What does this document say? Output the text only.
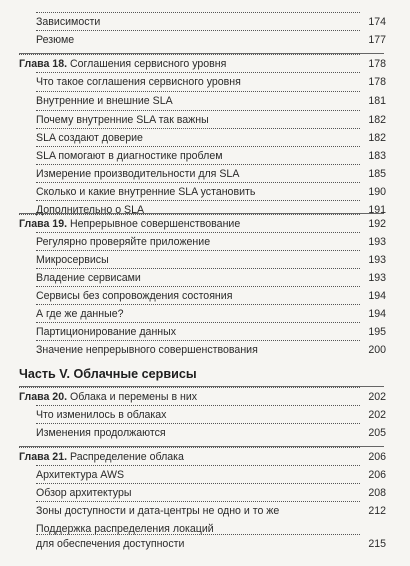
Зависимости	174
Резюме	177
Глава 18. Соглашения сервисного уровня	178
Что такое соглашения сервисного уровня	178
Внутренние и внешние SLA	181
Почему внутренние SLA так важны	182
SLA создают доверие	182
SLA помогают в диагностике проблем	183
Измерение производительности для SLA	185
Сколько и какие внутренние SLA установить	190
Дополнительно о SLA	191
Глава 19. Непрерывное совершенствование	192
Регулярно проверяйте приложение	193
Микросервисы	193
Владение сервисами	193
Сервисы без сопровождения состояния	194
А где же данные?	194
Партиционирование данных	195
Значение непрерывного совершенствования	200
Часть V. Облачные сервисы
Глава 20. Облака и перемены в них	202
Что изменилось в облаках	202
Изменения продолжаются	205
Глава 21. Распределение облака	206
Архитектура AWS	206
Обзор архитектуры	208
Зоны доступности и дата-центры не одно и то же	212
Поддержка распределения локаций
для обеспечения доступности	215
